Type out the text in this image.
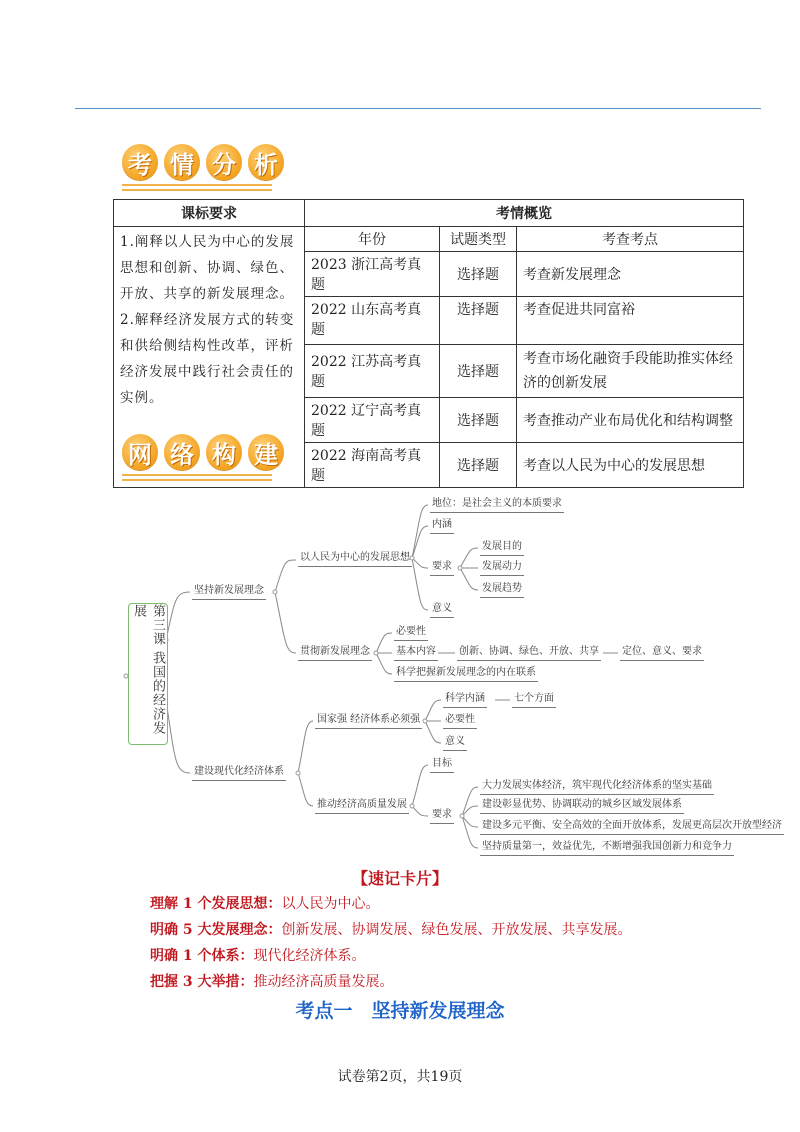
考 情 分 析
课标要求	考情概览		
1.阐释以人民为中心的发展思想和创新、协调、绿色、开放、共享的新发展理念。2.解释经济发展方式的转变和供给侧结构性改革，评析经济发展中践行社会责任的实例。	年份	试题类型	考查考点
	2023 浙江高考真题	选择题	考查新发展理念
	2022 山东高考真题	选择题	考查促进共同富裕
	2022 江苏高考真题	选择题	考查市场化融资手段能助推实体经济的创新发展
	2022 辽宁高考真题	选择题	考查推动产业布局优化和结构调整
	2022 海南高考真题	选择题	考查以人民为中心的发展思想
网 络 构 建
第三课 我国的经济发展
坚持新发展理念
以人民为中心的发展思想
地位：是社会主义的本质要求
内涵
要求
意义
发展目的
发展动力
发展趋势
贯彻新发展理念
必要性
基本内容
科学把握新发展理念的内在联系
创新、协调、绿色、开放、共享 定位、意义、要求
建设现代化经济体系
国家强 经济体系必须强
科学内涵
必要性
意义
七个方面
推动经济高质量发展
目标
要求
大力发展实体经济，筑牢现代化经济体系的坚实基础
建设彰显优势、协调联动的城乡区域发展体系
建设多元平衡、安全高效的全面开放体系，发展更高层次开放型经济
坚持质量第一，效益优先，不断增强我国创新力和竞争力
【速记卡片】
理解 1 个发展思想：以人民为中心。
明确 5 大发展理念：创新发展、协调发展、绿色发展、开放发展、共享发展。
明确 1 个体系：现代化经济体系。
把握 3 大举措：推动经济高质量发展。
考点一　坚持新发展理念
试卷第2页，共19页
